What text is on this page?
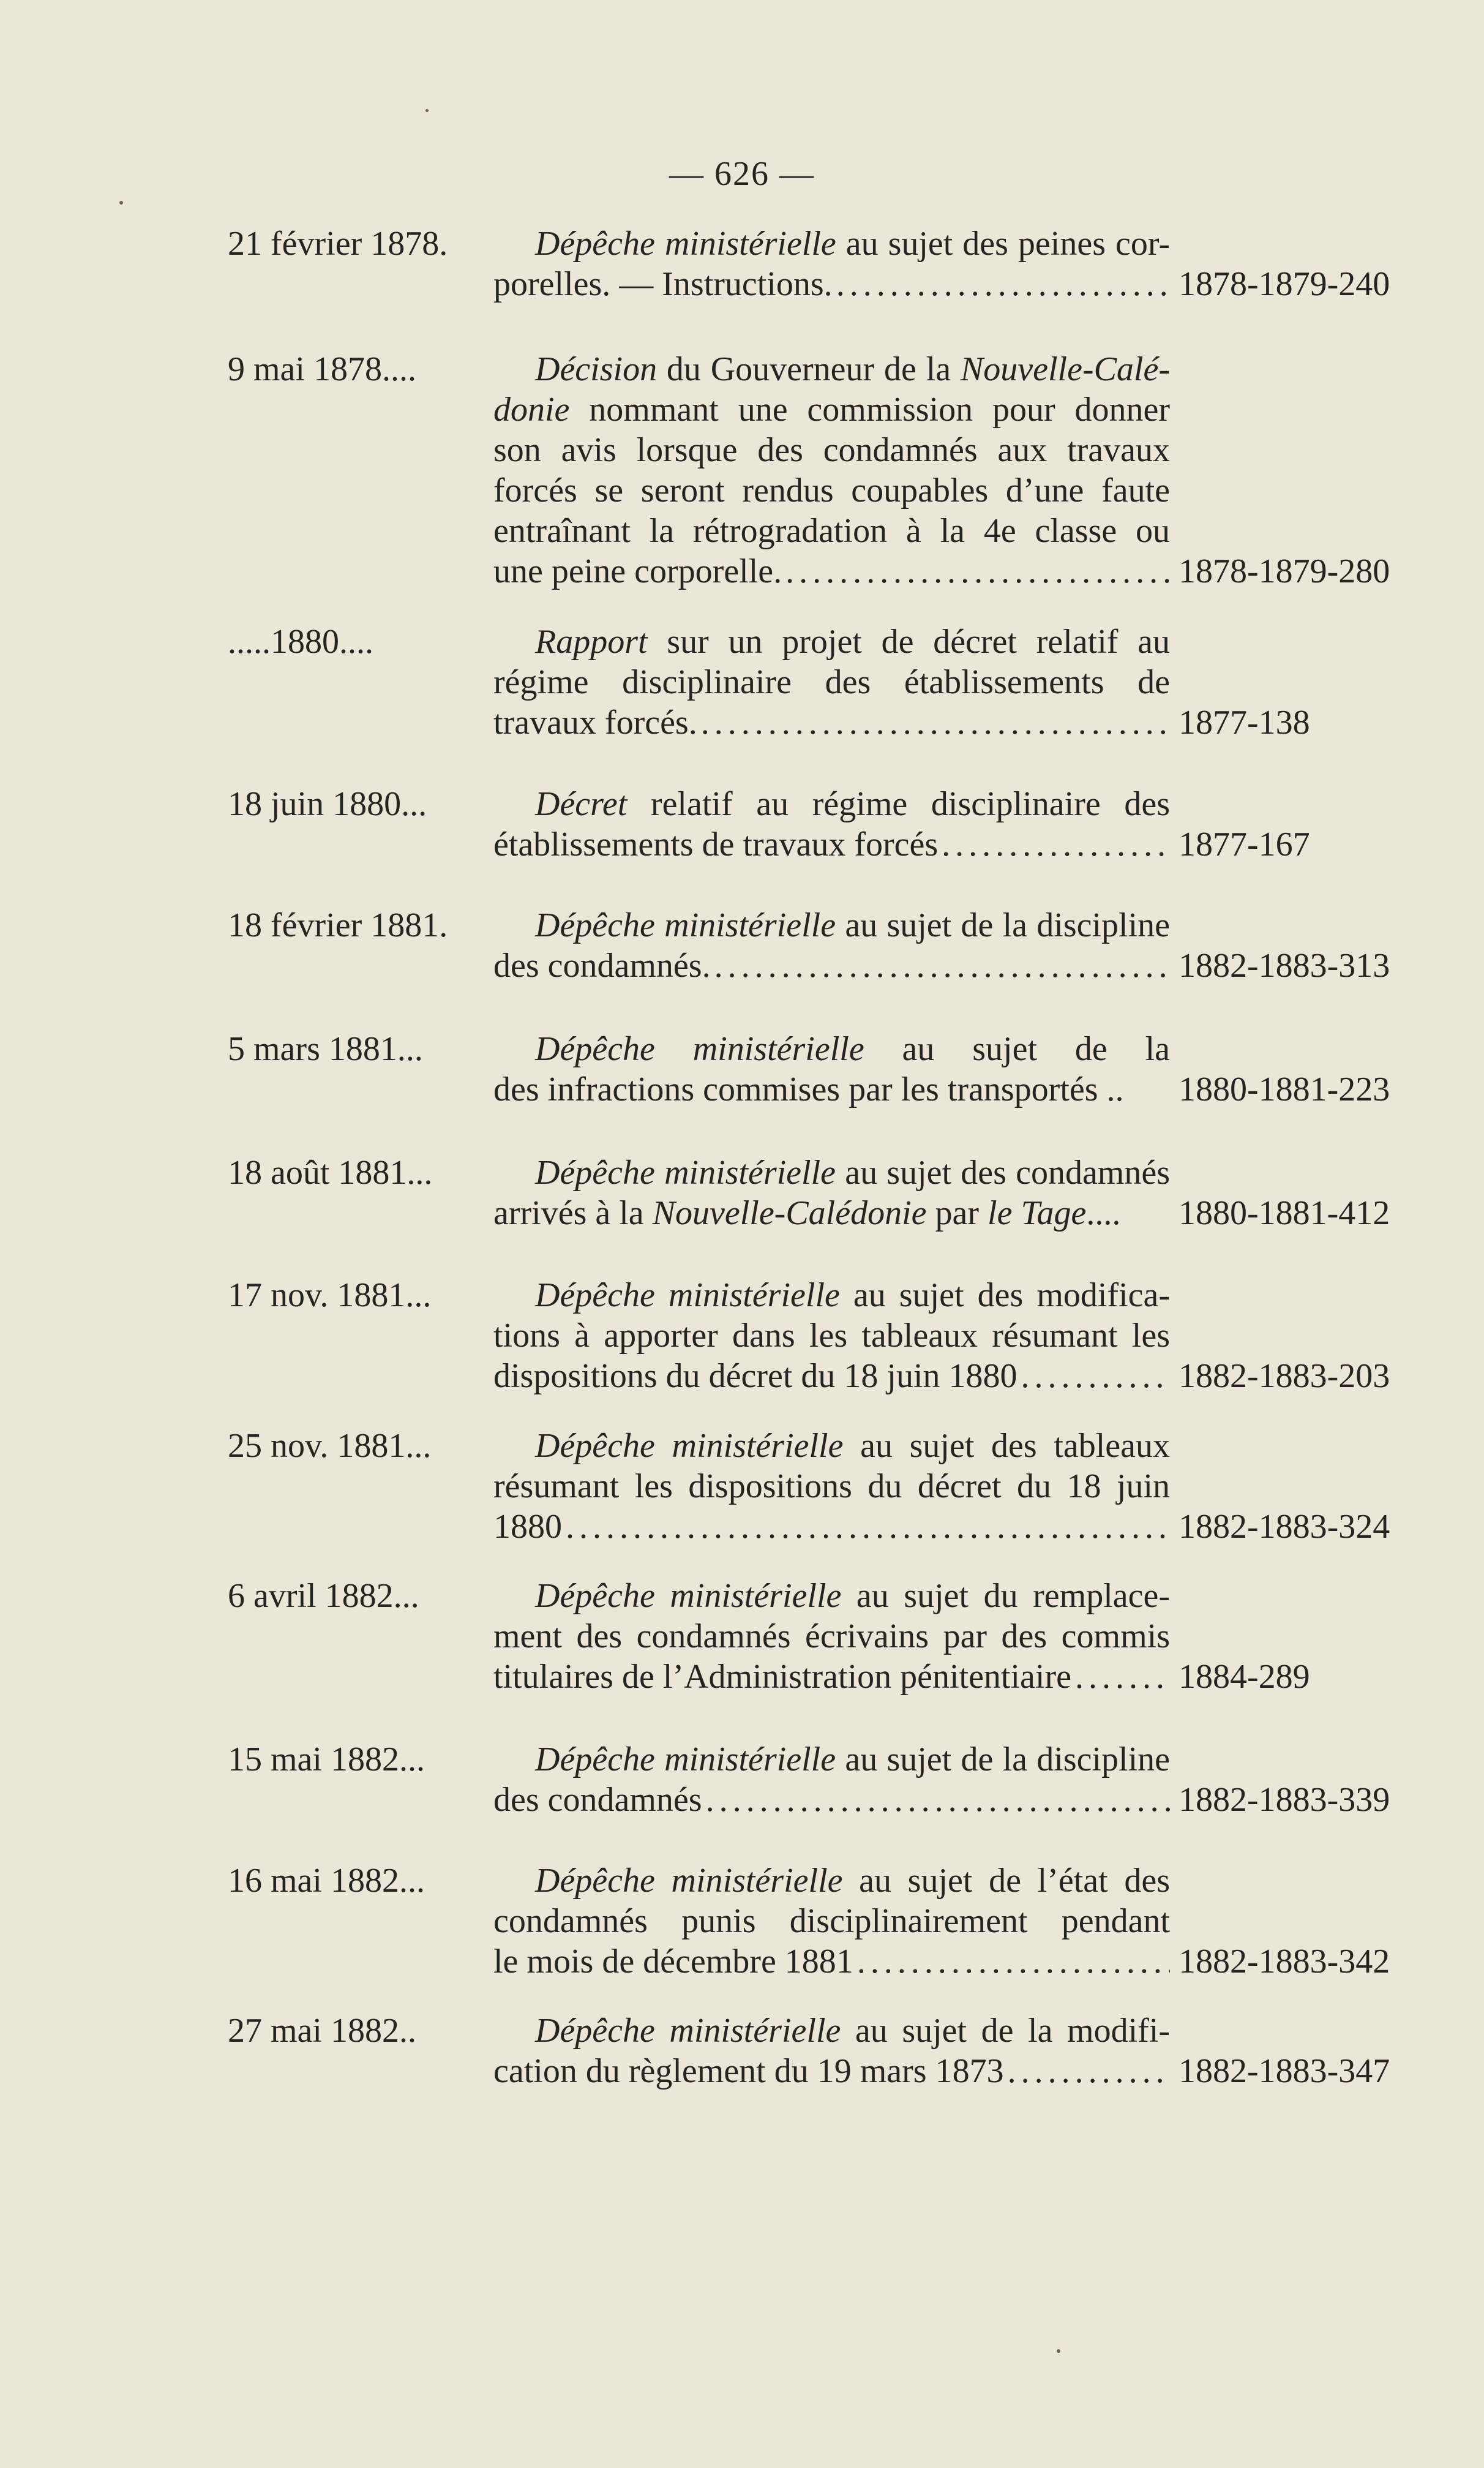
— 626 —
21 février 1878.	Dépêche ministérielle au sujet des peines cor-
porelles. — Instructions. .....	1878-1879-240
9 mai 1878....	Décision du Gouverneur de la Nouvelle-Calé-
donie nommant une commission pour donner
son avis lorsque des condamnés aux travaux
forcés se seront rendus coupables d’une faute
entraînant la rétrogradation à la 4e classe ou
une peine corporelle. .....	1878-1879-280
.....1880....	Rapport sur un projet de décret relatif au
régime disciplinaire des établissements de
travaux forcés. .....	1877-138
18 juin 1880...	Décret relatif au régime disciplinaire des
établissements de travaux forcés .....	1877-167
18 février 1881.	Dépêche ministérielle au sujet de la discipline
des condamnés. .....	1882-1883-313
5 mars 1881...	Dépêche ministérielle au sujet de la
des infractions commises par les transportés ..	1880-1881-223
18 août 1881...	Dépêche ministérielle au sujet des condamnés
arrivés à la Nouvelle-Calédonie par le Tage....	1880-1881-412
17 nov. 1881...	Dépêche ministérielle au sujet des modifica-
tions à apporter dans les tableaux résumant les
dispositions du décret du 18 juin 1880 .....	1882-1883-203
25 nov. 1881...	Dépêche ministérielle au sujet des tableaux
résumant les dispositions du décret du 18 juin
1880 .....	1882-1883-324
6 avril 1882...	Dépêche ministérielle au sujet du remplace-
ment des condamnés écrivains par des commis
titulaires de l’Administration pénitentiaire .....	1884-289
15 mai 1882...	Dépêche ministérielle au sujet de la discipline
des condamnés .....	1882-1883-339
16 mai 1882...	Dépêche ministérielle au sujet de l’état des
condamnés punis disciplinairement pendant
le mois de décembre 1881 .....	1882-1883-342
27 mai 1882..	Dépêche ministérielle au sujet de la modifi-
cation du règlement du 19 mars 1873 .....	1882-1883-347
